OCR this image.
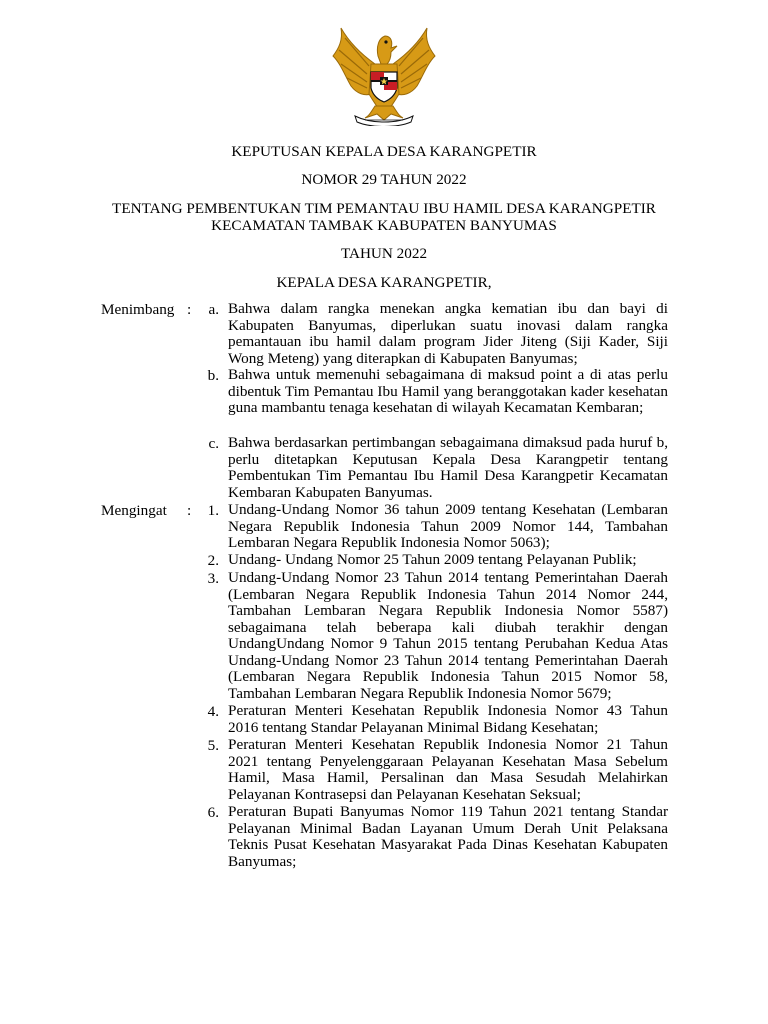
KEPUTUSAN KEPALA DESA KARANGPETIR
NOMOR 29 TAHUN 2022
TENTANG PEMBENTUKAN TIM PEMANTAU IBU HAMIL DESA KARANGPETIR
KECAMATAN TAMBAK KABUPATEN BANYUMAS
TAHUN 2022
KEPALA DESA KARANGPETIR,
Menimbang :	a. Bahwa dalam rangka menekan angka kematian ibu dan bayi di Kabupaten Banyumas, diperlukan suatu inovasi dalam rangka pemantauan ibu hamil dalam program Jider Jiteng (Siji Kader, Siji Wong Meteng) yang diterapkan di Kabupaten Banyumas;
b. Bahwa untuk memenuhi sebagaimana di maksud point a di atas perlu dibentuk Tim Pemantau Ibu Hamil yang beranggotakan kader kesehatan guna mambantu tenaga kesehatan di wilayah Kecamatan Kembaran;
c. Bahwa berdasarkan pertimbangan sebagaimana dimaksud pada huruf b, perlu ditetapkan Keputusan Kepala Desa Karangpetir tentang Pembentukan Tim Pemantau Ibu Hamil Desa Karangpetir Kecamatan Kembaran Kabupaten Banyumas.
Mengingat :	1. Undang-Undang Nomor 36 tahun 2009 tentang Kesehatan (Lembaran Negara Republik Indonesia Tahun 2009 Nomor 144, Tambahan Lembaran Negara Republik Indonesia Nomor 5063);
2. Undang- Undang Nomor 25 Tahun 2009 tentang Pelayanan Publik;
3. Undang-Undang Nomor 23 Tahun 2014 tentang Pemerintahan Daerah (Lembaran Negara Republik Indonesia Tahun 2014 Nomor 244, Tambahan Lembaran Negara Republik Indonesia Nomor 5587) sebagaimana telah beberapa kali diubah terakhir dengan UndangUndang Nomor 9 Tahun 2015 tentang Perubahan Kedua Atas Undang-Undang Nomor 23 Tahun 2014 tentang Pemerintahan Daerah (Lembaran Negara Republik Indonesia Tahun 2015 Nomor 58, Tambahan Lembaran Negara Republik Indonesia Nomor 5679;
4. Peraturan Menteri Kesehatan Republik Indonesia Nomor 43 Tahun 2016 tentang Standar Pelayanan Minimal Bidang Kesehatan;
5. Peraturan Menteri Kesehatan Republik Indonesia Nomor 21 Tahun 2021 tentang Penyelenggaraan Pelayanan Kesehatan Masa Sebelum Hamil, Masa Hamil, Persalinan dan Masa Sesudah Melahirkan Pelayanan Kontrasepsi dan Pelayanan Kesehatan Seksual;
6. Peraturan Bupati Banyumas Nomor 119 Tahun 2021 tentang Standar Pelayanan Minimal Badan Layanan Umum Derah Unit Pelaksana Teknis Pusat Kesehatan Masyarakat Pada Dinas Kesehatan Kabupaten Banyumas;
